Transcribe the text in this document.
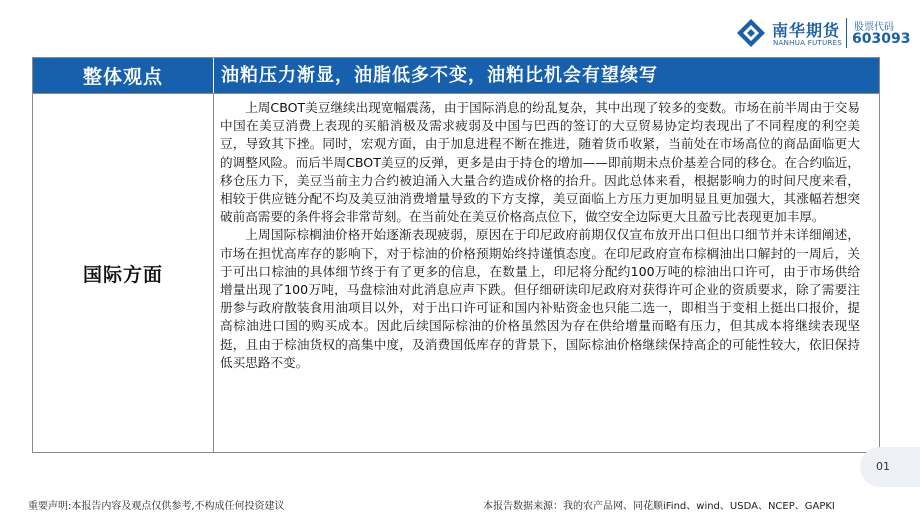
南华期货
NANHUA FUTURES
股票代码
603093
整体观点	油粕压力渐显，油脂低多不变，油粕比机会有望续写
国际方面

上周CBOT美豆继续出现宽幅震荡，由于国际消息的纷乱复杂，其中出现了较多的变数。市场在前半周由于交易中国在美豆消费上表现的买船消极及需求疲弱及中国与巴西的签订的大豆贸易协定均表现出了不同程度的利空美豆，导致其下挫。同时，宏观方面，由于加息进程不断在推进，随着货币收紧，当前处在市场高位的商品面临更大的调整风险。而后半周CBOT美豆的反弹，更多是由于持仓的增加——即前期未点价基差合同的移仓。在合约临近，移仓压力下，美豆当前主力合约被迫涌入大量合约造成价格的抬升。因此总体来看，根据影响力的时间尺度来看，相较于供应链分配不均及美豆油消费增量导致的下方支撑，美豆面临上方压力更加明显且更加强大，其涨幅若想突破前高需要的条件将会非常苛刻。在当前处在美豆价格高点位下，做空安全边际更大且盈亏比表现更加丰厚。

上周国际棕榈油价格开始逐渐表现疲弱，原因在于印尼政府前期仅仅宣布放开出口但出口细节并未详细阐述，市场在担忧高库存的影响下，对于棕油的价格预期始终持谨慎态度。在印尼政府宣布棕榈油出口解封的一周后，关于可出口棕油的具体细节终于有了更多的信息，在数量上，印尼将分配约100万吨的棕油出口许可，由于市场供给增量出现了100万吨，马盘棕油对此消息应声下跌。但仔细研读印尼政府对获得许可企业的资质要求，除了需要注册参与政府散装食用油项目以外，对于出口许可证和国内补贴资金也只能二选一，即相当于变相上挺出口报价，提高棕油进口国的购买成本。因此后续国际棕油的价格虽然因为存在供给增量而略有压力，但其成本将继续表现坚挺，且由于棕油货权的高集中度，及消费国低库存的背景下，国际棕油价格继续保持高企的可能性较大，依旧保持低买思路不变。

01
重要声明:本报告内容及观点仅供参考,不构成任何投资建议	本报告数据来源：我的农产品网、同花顺iFind、wind、USDA、NCEP、GAPKI
